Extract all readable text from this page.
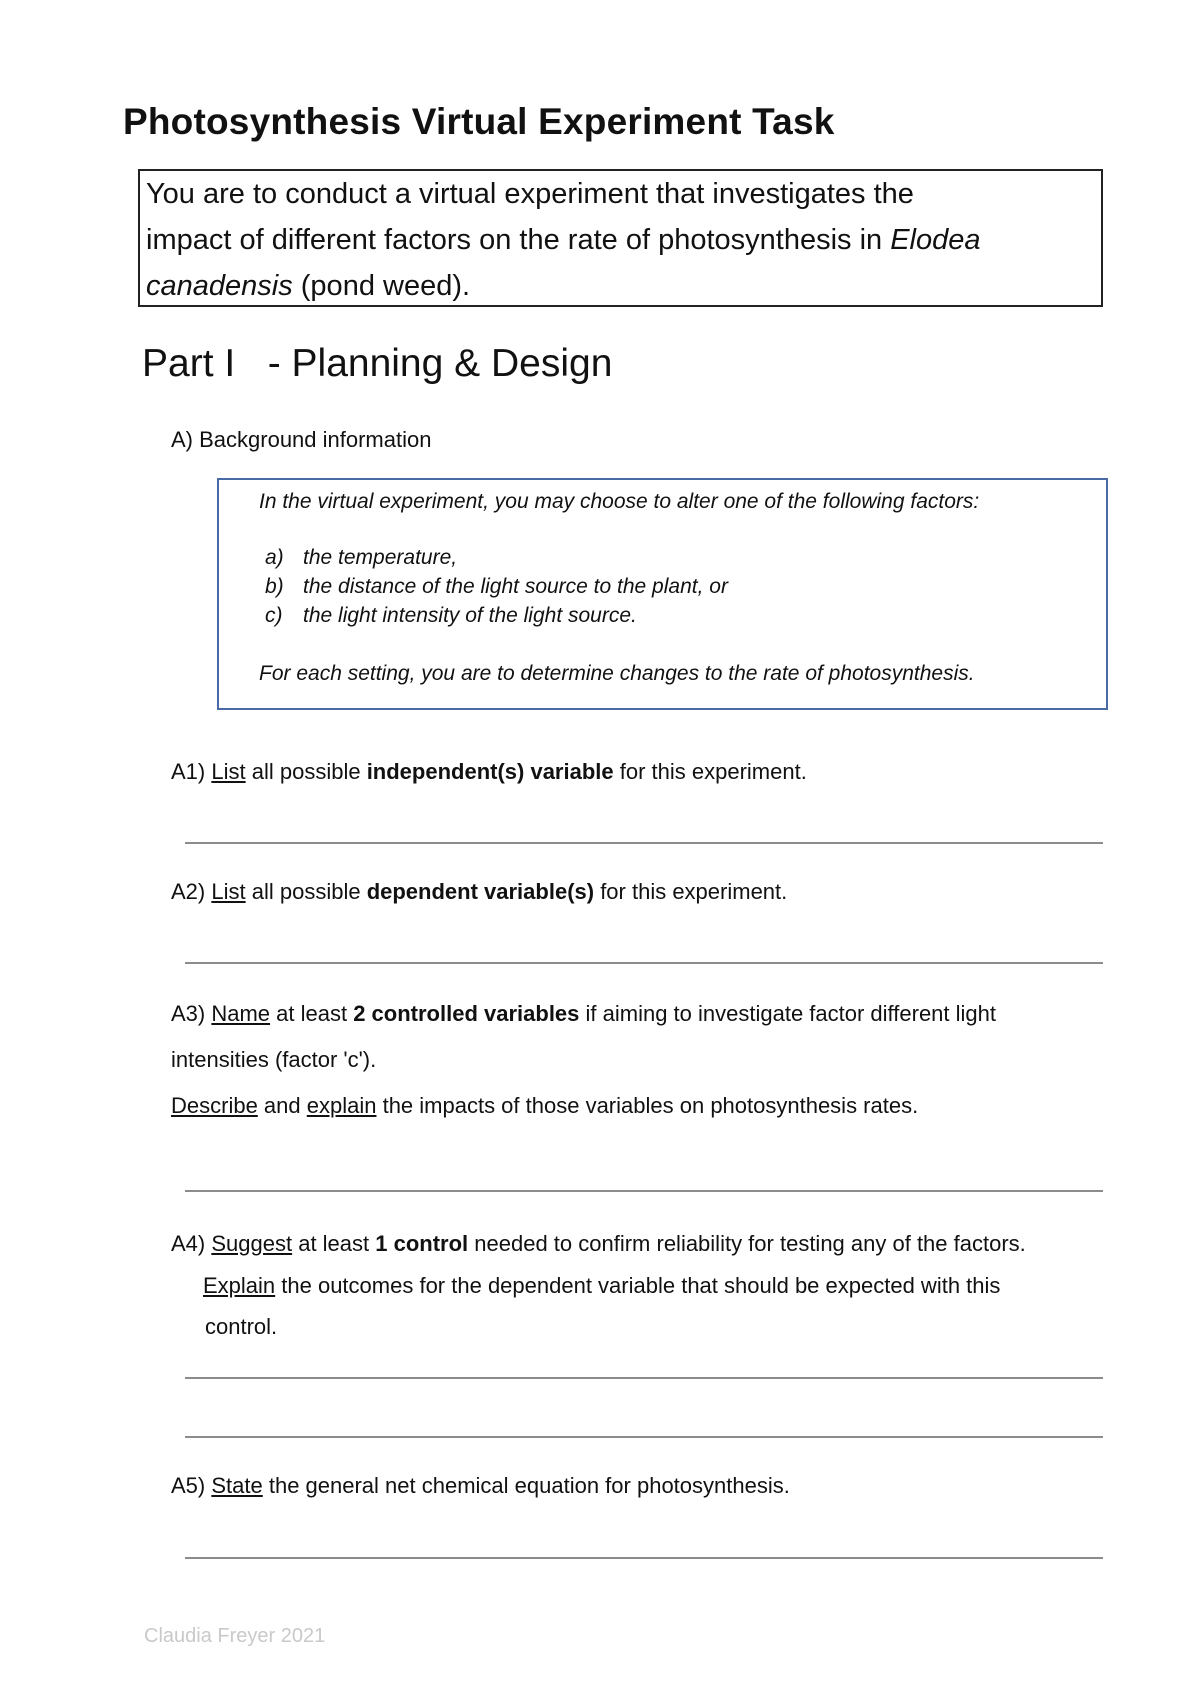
Photosynthesis Virtual Experiment Task
You are to conduct a virtual experiment that investigates the
impact of different factors on the rate of photosynthesis in Elodea
canadensis (pond weed).
Part I   - Planning & Design
A) Background information
In the virtual experiment, you may choose to alter one of the following factors:
a) the temperature,
b) the distance of the light source to the plant, or
c) the light intensity of the light source.
For each setting, you are to determine changes to the rate of photosynthesis.
A1) List all possible independent(s) variable for this experiment.
A2) List all possible dependent variable(s) for this experiment.
A3) Name at least 2 controlled variables if aiming to investigate factor different light
intensities (factor 'c').
Describe and explain the impacts of those variables on photosynthesis rates.
A4) Suggest at least 1 control needed to confirm reliability for testing any of the factors.
Explain the outcomes for the dependent variable that should be expected with this
control.
A5) State the general net chemical equation for photosynthesis.
Claudia Freyer 2021
